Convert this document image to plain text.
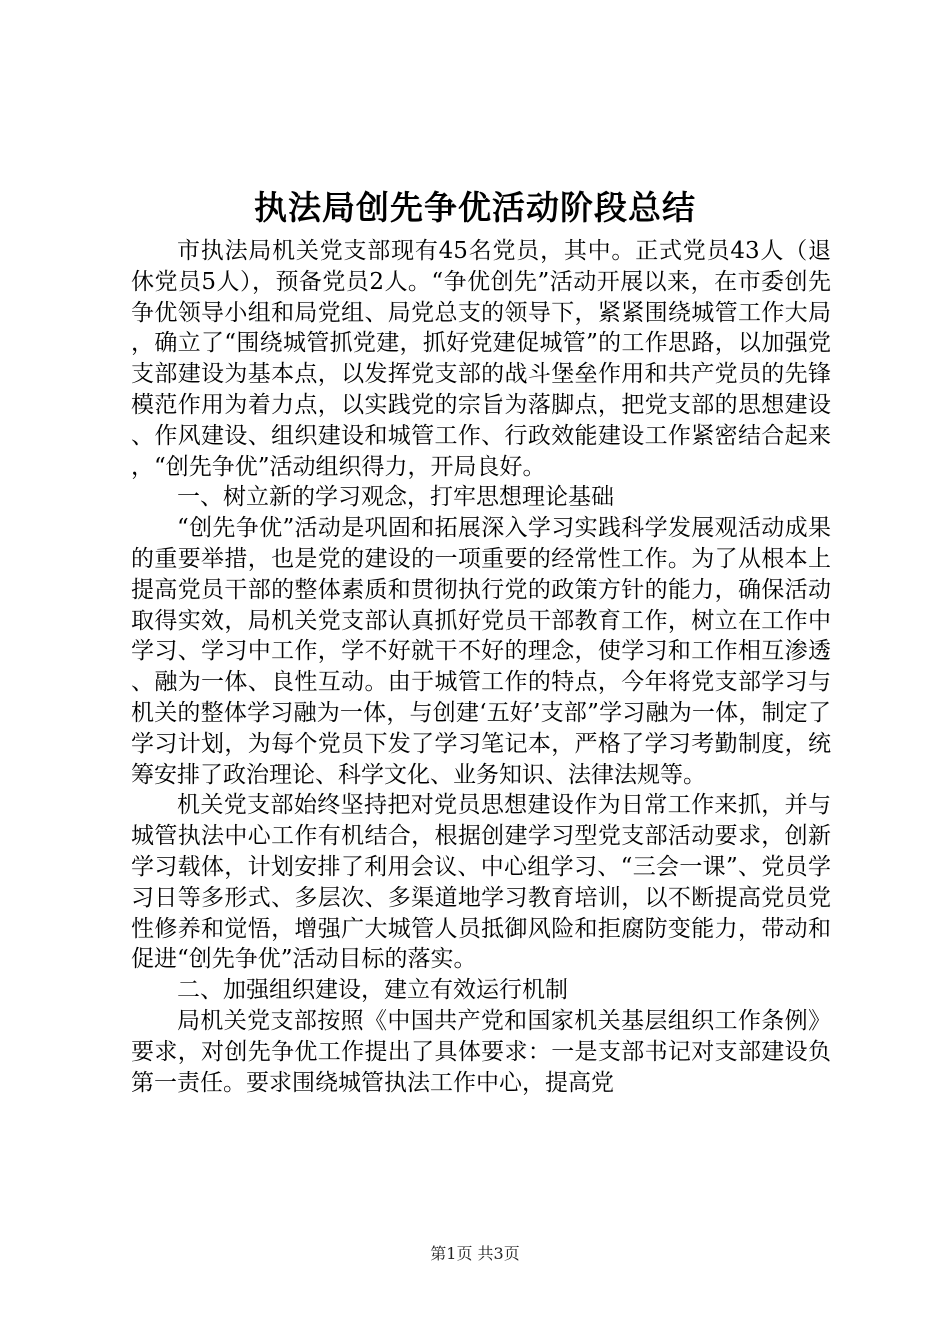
执法局创先争优活动阶段总结

市执法局机关党支部现有45名党员，其中。正式党员43人（退休党员5人），预备党员2人。“争优创先”活动开展以来，在市委创先争优领导小组和局党组、局党总支的领导下，紧紧围绕城管工作大局，确立了“围绕城管抓党建，抓好党建促城管”的工作思路，以加强党支部建设为基本点，以发挥党支部的战斗堡垒作用和共产党员的先锋模范作用为着力点，以实践党的宗旨为落脚点，把党支部的思想建设、作风建设、组织建设和城管工作、行政效能建设工作紧密结合起来，“创先争优”活动组织得力，开局良好。

一、树立新的学习观念，打牢思想理论基础

“创先争优”活动是巩固和拓展深入学习实践科学发展观活动成果的重要举措，也是党的建设的一项重要的经常性工作。为了从根本上提高党员干部的整体素质和贯彻执行党的政策方针的能力，确保活动取得实效，局机关党支部认真抓好党员干部教育工作，树立在工作中学习、学习中工作，学不好就干不好的理念，使学习和工作相互渗透、融为一体、良性互动。由于城管工作的特点，今年将党支部学习与机关的整体学习融为一体，与创建‘五好’支部”学习融为一体，制定了学习计划，为每个党员下发了学习笔记本，严格了学习考勤制度，统筹安排了政治理论、科学文化、业务知识、法律法规等。

机关党支部始终坚持把对党员思想建设作为日常工作来抓，并与城管执法中心工作有机结合，根据创建学习型党支部活动要求，创新学习载体，计划安排了利用会议、中心组学习、“三会一课”、党员学习日等多形式、多层次、多渠道地学习教育培训，以不断提高党员党性修养和觉悟，增强广大城管人员抵御风险和拒腐防变能力，带动和促进“创先争优”活动目标的落实。

二、加强组织建设，建立有效运行机制

局机关党支部按照《中国共产党和国家机关基层组织工作条例》要求，对创先争优工作提出了具体要求：一是支部书记对支部建设负第一责任。要求围绕城管执法工作中心，提高党

第1页 共3页
